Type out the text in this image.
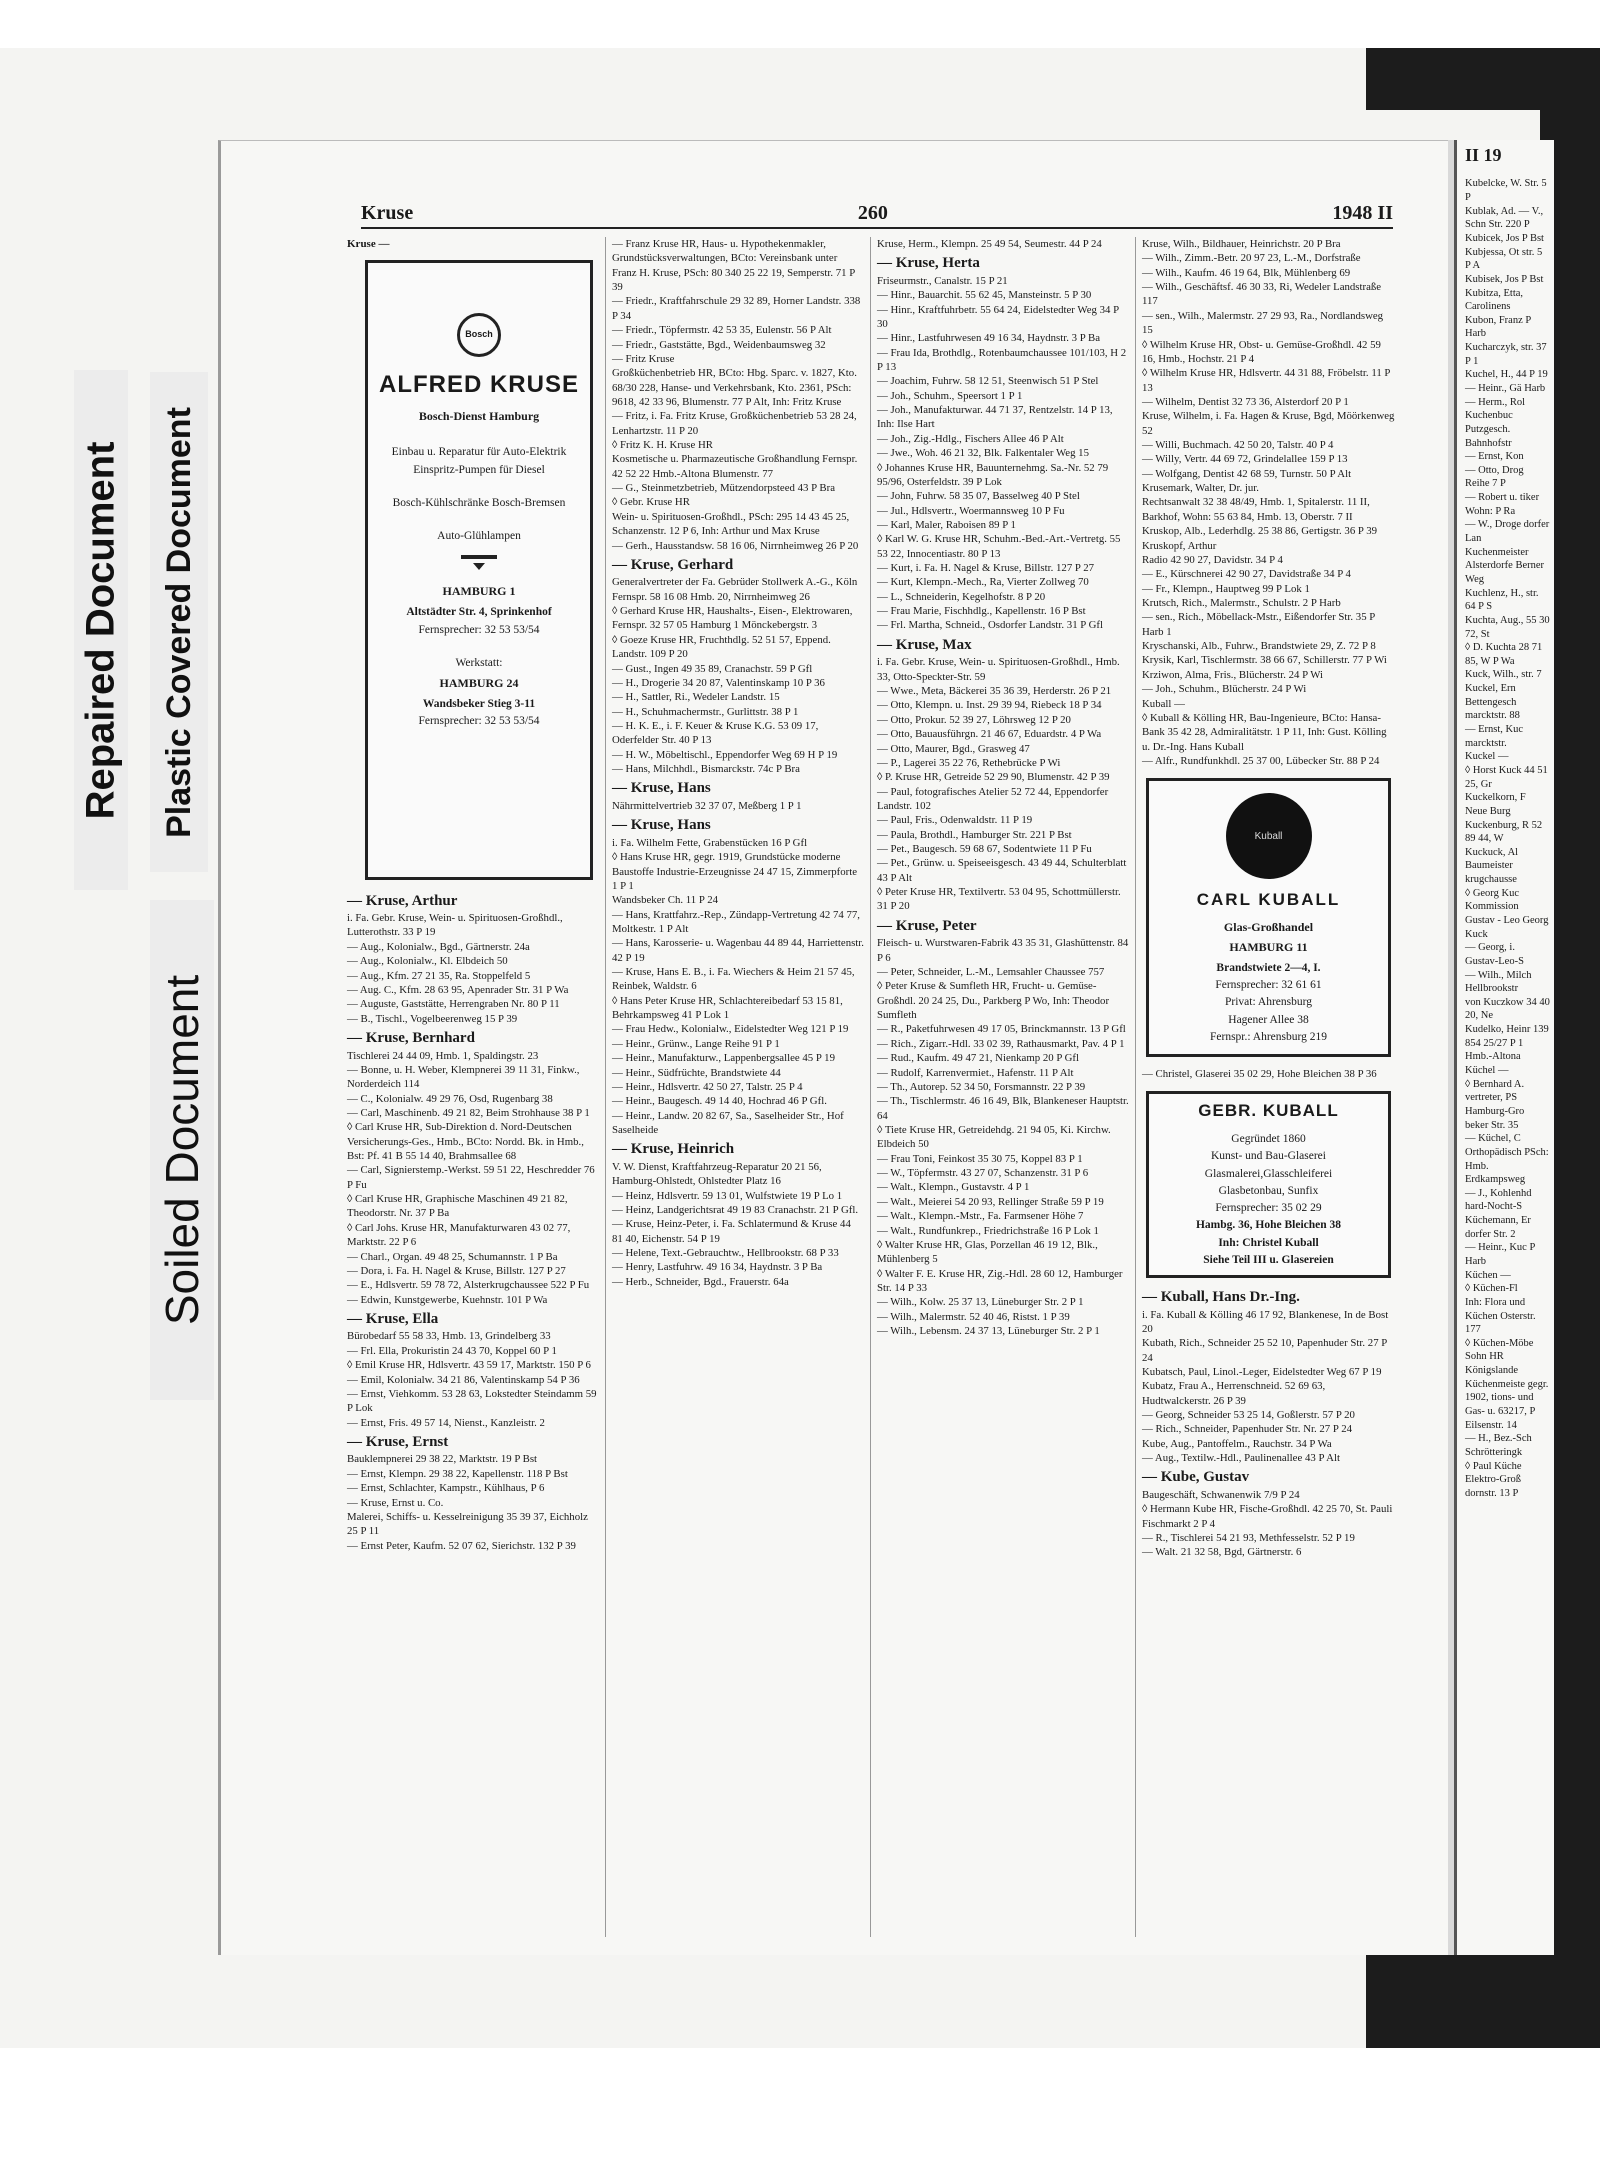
Repaired Document Plastic Covered Document
Soiled Document
Kruse	260	1948 II
Kruse —
Bosch
ALFRED KRUSE
Bosch-Dienst Hamburg
Einbau u. Reparatur für Auto-Elektrik Einspritz-Pumpen für Diesel
Bosch-Kühlschränke Bosch-Bremsen
Auto-Glühlampen
HAMBURG 1
Altstädter Str. 4, Sprinkenhof
Fernsprecher: 32 53 53/54
Werkstatt:
HAMBURG 24
Wandsbeker Stieg 3-11
Fernsprecher: 32 53 53/54
— Kruse, Arthur
i. Fa. Gebr. Kruse, Wein- u. Spirituosen-Großhdl., Lutterothstr. 33 P 19
— Aug., Kolonialw., Bgd., Gärtnerstr. 24a
— Aug., Kolonialw., Kl. Elbdeich 50
— Aug., Kfm. 27 21 35, Ra. Stoppelfeld 5
— Aug. C., Kfm. 28 63 95, Apenrader Str. 31 P Wa
— Auguste, Gaststätte, Herrengraben Nr. 80 P 11
— B., Tischl., Vogelbeerenweg 15 P 39
— Kruse, Bernhard
Tischlerei 24 44 09, Hmb. 1, Spaldingstr. 23
— Bonne, u. H. Weber, Klempnerei 39 11 31, Finkw., Norderdeich 114
— C., Kolonialw. 49 29 76, Osd, Rugenbarg 38
— Carl, Maschinenb. 49 21 82, Beim Strohhause 38 P 1
◊ Carl Kruse HR, Sub-Direktion d. Nord-Deutschen Versicherungs-Ges., Hmb., BCto: Nordd. Bk. in Hmb., Bst: Pf. 41 B 55 14 40, Brahmsallee 68
— Carl, Signierstemp.-Werkst. 59 51 22, Heschredder 76 P Fu
◊ Carl Kruse HR, Graphische Maschinen 49 21 82, Theodorstr. Nr. 37 P Ba
◊ Carl Johs. Kruse HR, Manufakturwaren 43 02 77, Marktstr. 22 P 6
— Charl., Organ. 49 48 25, Schumannstr. 1 P Ba
— Dora, i. Fa. H. Nagel & Kruse, Billstr. 127 P 27
— E., Hdlsvertr. 59 78 72, Alsterkrugchaussee 522 P Fu
— Edwin, Kunstgewerbe, Kuehnstr. 101 P Wa
— Kruse, Ella
Bürobedarf 55 58 33, Hmb. 13, Grindelberg 33
— Frl. Ella, Prokuristin 24 43 70, Koppel 60 P 1
◊ Emil Kruse HR, Hdlsvertr. 43 59 17, Marktstr. 150 P 6
— Emil, Kolonialw. 34 21 86, Valentinskamp 54 P 36
— Ernst, Viehkomm. 53 28 63, Lokstedter Steindamm 59 P Lok
— Ernst, Fris. 49 57 14, Nienst., Kanzleistr. 2
— Kruse, Ernst
Bauklempnerei 29 38 22, Marktstr. 19 P Bst
— Ernst, Klempn. 29 38 22, Kapellenstr. 118 P Bst
— Ernst, Schlachter, Kampstr., Kühlhaus, P 6
— Kruse, Ernst u. Co.
Malerei, Schiffs- u. Kesselreinigung 35 39 37, Eichholz 25 P 11
— Ernst Peter, Kaufm. 52 07 62, Sierichstr. 132 P 39
— Franz Kruse HR, Haus- u. Hypothekenmakler, Grundstücksverwaltungen, BCto: Vereinsbank unter Franz H. Kruse, PSch: 80 340 25 22 19, Semperstr. 71 P 39
— Friedr., Kraftfahrschule 29 32 89, Horner Landstr. 338 P 34
— Friedr., Töpfermstr. 42 53 35, Eulenstr. 56 P Alt
— Friedr., Gaststätte, Bgd., Weidenbaumsweg 32
— Fritz Kruse
Großküchenbetrieb HR, BCto: Hbg. Sparc. v. 1827, Kto. 68/30 228, Hanse- und Verkehrsbank, Kto. 2361, PSch: 9618, 42 33 96, Blumenstr. 77 P Alt, Inh: Fritz Kruse
— Fritz, i. Fa. Fritz Kruse, Großküchenbetrieb 53 28 24, Lenhartzstr. 11 P 20
◊ Fritz K. H. Kruse HR
Kosmetische u. Pharmazeutische Großhandlung Fernspr. 42 52 22 Hmb.-Altona Blumenstr. 77
— G., Steinmetzbetrieb, Mützendorpsteed 43 P Bra
◊ Gebr. Kruse HR
Wein- u. Spirituosen-Großhdl., PSch: 295 14 43 45 25, Schanzenstr. 12 P 6, Inh: Arthur und Max Kruse
— Gerh., Hausstandsw. 58 16 06, Nirrnheimweg 26 P 20
— Kruse, Gerhard
Generalvertreter der Fa. Gebrüder Stollwerk A.-G., Köln Fernspr. 58 16 08 Hmb. 20, Nirrnheimweg 26
◊ Gerhard Kruse HR, Haushalts-, Eisen-, Elektrowaren, Fernspr. 32 57 05 Hamburg 1 Mönckebergstr. 3
◊ Goeze Kruse HR, Fruchthdlg. 52 51 57, Eppend. Landstr. 109 P 20
— Gust., Ingen 49 35 89, Cranachstr. 59 P Gfl
— H., Drogerie 34 20 87, Valentinskamp 10 P 36
— H., Sattler, Ri., Wedeler Landstr. 15
— H., Schuhmachermstr., Gurlittstr. 38 P 1
— H. K. E., i. F. Keuer & Kruse K.G. 53 09 17, Oderfelder Str. 40 P 13
— H. W., Möbeltischl., Eppendorfer Weg 69 H P 19
— Hans, Milchhdl., Bismarckstr. 74c P Bra
— Kruse, Hans
Nährmittelvertrieb 32 37 07, Meßberg 1 P 1
— Kruse, Hans
i. Fa. Wilhelm Fette, Grabenstücken 16 P Gfl
◊ Hans Kruse HR, gegr. 1919, Grundstücke moderne Baustoffe Industrie-Erzeugnisse 24 47 15, Zimmerpforte 1 P 1
Wandsbeker Ch. 11 P 24
— Hans, Krattfahrz.-Rep., Zündapp-Vertretung 42 74 77, Moltkestr. 1 P Alt
— Hans, Karosserie- u. Wagenbau 44 89 44, Harriettenstr. 42 P 19
— Kruse, Hans E. B., i. Fa. Wiechers & Heim 21 57 45, Reinbek, Waldstr. 6
◊ Hans Peter Kruse HR, Schlachtereibedarf 53 15 81, Behrkampsweg 41 P Lok 1
— Frau Hedw., Kolonialw., Eidelstedter Weg 121 P 19
— Heinr., Grünw., Lange Reihe 91 P 1
— Heinr., Manufakturw., Lappenbergsallee 45 P 19
— Heinr., Südfrüchte, Brandstwiete 44
— Heinr., Hdlsvertr. 42 50 27, Talstr. 25 P 4
— Heinr., Baugesch. 49 14 40, Hochrad 46 P Gfl.
— Heinr., Landw. 20 82 67, Sa., Saselheider Str., Hof Saselheide
— Kruse, Heinrich
V. W. Dienst, Kraftfahrzeug-Reparatur 20 21 56, Hamburg-Ohlstedt, Ohlstedter Platz 16
— Heinz, Hdlsvertr. 59 13 01, Wulfstwiete 19 P Lo 1
— Heinz, Landgerichtsrat 49 19 83 Cranachstr. 21 P Gfl.
— Kruse, Heinz-Peter, i. Fa. Schlatermund & Kruse 44 81 40, Eichenstr. 54 P 19
— Helene, Text.-Gebrauchtw., Hellbrookstr. 68 P 33
— Henry, Lastfuhrw. 49 16 34, Haydnstr. 3 P Ba
— Herb., Schneider, Bgd., Frauerstr. 64a
Kruse, Herm., Klempn. 25 49 54, Seumestr. 44 P 24
— Kruse, Herta
Friseurmstr., Canalstr. 15 P 21
— Hinr., Bauarchit. 55 62 45, Mansteinstr. 5 P 30
— Hinr., Kraftfuhrbetr. 55 64 24, Eidelstedter Weg 34 P 30
— Hinr., Lastfuhrwesen 49 16 34, Haydnstr. 3 P Ba
— Frau Ida, Brothdlg., Rotenbaumchaussee 101/103, H 2 P 13
— Joachim, Fuhrw. 58 12 51, Steenwisch 51 P Stel
— Joh., Schuhm., Speersort 1 P 1
— Joh., Manufakturwar. 44 71 37, Rentzelstr. 14 P 13, Inh: Ilse Hart
— Joh., Zig.-Hdlg., Fischers Allee 46 P Alt
— Jwe., Woh. 46 21 32, Blk. Falkentaler Weg 15
◊ Johannes Kruse HR, Bauunternehmg. Sa.-Nr. 52 79 95/96, Osterfeldstr. 39 P Lok
— John, Fuhrw. 58 35 07, Basselweg 40 P Stel
— Jul., Hdlsvertr., Woermannsweg 10 P Fu
— Karl, Maler, Raboisen 89 P 1
◊ Karl W. G. Kruse HR, Schuhm.-Bed.-Art.-Vertretg. 55 53 22, Innocentiastr. 80 P 13
— Kurt, i. Fa. H. Nagel & Kruse, Billstr. 127 P 27
— Kurt, Klempn.-Mech., Ra, Vierter Zollweg 70
— L., Schneiderin, Kegelhofstr. 8 P 20
— Frau Marie, Fischhdlg., Kapellenstr. 16 P Bst
— Frl. Martha, Schneid., Osdorfer Landstr. 31 P Gfl
— Kruse, Max
i. Fa. Gebr. Kruse, Wein- u. Spirituosen-Großhdl., Hmb. 33, Otto-Speckter-Str. 59
— Wwe., Meta, Bäckerei 35 36 39, Herderstr. 26 P 21
— Otto, Klempn. u. Inst. 29 39 94, Riebeck 18 P 34
— Otto, Prokur. 52 39 27, Löhrsweg 12 P 20
— Otto, Bauausführgn. 21 46 67, Eduardstr. 4 P Wa
— Otto, Maurer, Bgd., Grasweg 47
— P., Lagerei 35 22 76, Rethebrücke P Wi
◊ P. Kruse HR, Getreide 52 29 90, Blumenstr. 42 P 39
— Paul, fotografisches Atelier 52 72 44, Eppendorfer Landstr. 102
— Paul, Fris., Odenwaldstr. 11 P 19
— Paula, Brothdl., Hamburger Str. 221 P Bst
— Pet., Baugesch. 59 68 67, Sodentwiete 11 P Fu
— Pet., Grünw. u. Speiseeisgesch. 43 49 44, Schulterblatt 43 P Alt
◊ Peter Kruse HR, Textilvertr. 53 04 95, Schottmüllerstr. 31 P 20
— Kruse, Peter
Fleisch- u. Wurstwaren-Fabrik 43 35 31, Glashüttenstr. 84 P 6
— Peter, Schneider, L.-M., Lemsahler Chaussee 757
◊ Peter Kruse & Sumfleth HR, Frucht- u. Gemüse-Großhdl. 20 24 25, Du., Parkberg P Wo, Inh: Theodor Sumfleth
— R., Paketfuhrwesen 49 17 05, Brinckmannstr. 13 P Gfl
— Rich., Zigarr.-Hdl. 33 02 39, Rathausmarkt, Pav. 4 P 1
— Rud., Kaufm. 49 47 21, Nienkamp 20 P Gfl
— Rudolf, Karrenvermiet., Hafenstr. 11 P Alt
— Th., Autorep. 52 34 50, Forsmannstr. 22 P 39
— Th., Tischlermstr. 46 16 49, Blk, Blankeneser Hauptstr. 64
◊ Tiete Kruse HR, Getreidehdg. 21 94 05, Ki. Kirchw. Elbdeich 50
— Frau Toni, Feinkost 35 30 75, Koppel 83 P 1
— W., Töpfermstr. 43 27 07, Schanzenstr. 31 P 6
— Walt., Klempn., Gustavstr. 4 P 1
— Walt., Meierei 54 20 93, Rellinger Straße 59 P 19
— Walt., Klempn.-Mstr., Fa. Farmsener Höhe 7
— Walt., Rundfunkrep., Friedrichstraße 16 P Lok 1
◊ Walter Kruse HR, Glas, Porzellan 46 19 12, Blk., Mühlenberg 5
◊ Walter F. E. Kruse HR, Zig.-Hdl. 28 60 12, Hamburger Str. 14 P 33
— Wilh., Kolw. 25 37 13, Lüneburger Str. 2 P 1
— Wilh., Malermstr. 52 40 46, Ristst. 1 P 39
— Wilh., Lebensm. 24 37 13, Lüneburger Str. 2 P 1
Kruse, Wilh., Bildhauer, Heinrichstr. 20 P Bra
— Wilh., Zimm.-Betr. 20 97 23, L.-M., Dorfstraße
— Wilh., Kaufm. 46 19 64, Blk, Mühlenberg 69
— Wilh., Geschäftsf. 46 30 33, Ri, Wedeler Landstraße 117
— sen., Wilh., Malermstr. 27 29 93, Ra., Nordlandsweg 15
◊ Wilhelm Kruse HR, Obst- u. Gemüse-Großhdl. 42 59 16, Hmb., Hochstr. 21 P 4
◊ Wilhelm Kruse HR, Hdlsvertr. 44 31 88, Fröbelstr. 11 P 13
— Wilhelm, Dentist 32 73 36, Alsterdorf 20 P 1
Kruse, Wilhelm, i. Fa. Hagen & Kruse, Bgd, Möörkenweg 52
— Willi, Buchmach. 42 50 20, Talstr. 40 P 4
— Willy, Vertr. 44 69 72, Grindelallee 159 P 13
— Wolfgang, Dentist 42 68 59, Turnstr. 50 P Alt
Krusemark, Walter, Dr. jur.
Rechtsanwalt 32 38 48/49, Hmb. 1, Spitalerstr. 11 II, Barkhof, Wohn: 55 63 84, Hmb. 13, Oberstr. 7 II
Kruskop, Alb., Lederhdlg. 25 38 86, Gertigstr. 36 P 39
Kruskopf, Arthur
Radio 42 90 27, Davidstr. 34 P 4
— E., Kürschnerei 42 90 27, Davidstraße 34 P 4
— Fr., Klempn., Hauptweg 99 P Lok 1
Krutsch, Rich., Malermstr., Schulstr. 2 P Harb
— sen., Rich., Möbellack-Mstr., Eißendorfer Str. 35 P Harb 1
Kryschanski, Alb., Fuhrw., Brandstwiete 29, Z. 72 P 8
Krysik, Karl, Tischlermstr. 38 66 67, Schillerstr. 77 P Wi
Krziwon, Alma, Fris., Blücherstr. 24 P Wi
— Joh., Schuhm., Blücherstr. 24 P Wi
Kuball —
◊ Kuball & Kölling HR, Bau-Ingenieure, BCto: Hansa-Bank 35 42 28, Admiralitätstr. 1 P 11, Inh: Gust. Kölling u. Dr.-Ing. Hans Kuball
— Alfr., Rundfunkhdl. 25 37 00, Lübecker Str. 88 P 24
Kuball
CARL KUBALL
Glas-Großhandel
HAMBURG 11
Brandstwiete 2—4, I.
Fernsprecher: 32 61 61
Privat: Ahrensburg
Hagener Allee 38
Fernspr.: Ahrensburg 219
— Christel, Glaserei 35 02 29, Hohe Bleichen 38 P 36
GEBR. KUBALL
Gegründet 1860
Kunst- und Bau-Glaserei
Glasmalerei,Glasschleiferei
Glasbetonbau, Sunfix
Fernsprecher: 35 02 29
Hambg. 36, Hohe Bleichen 38
Inh: Christel Kuball
Siehe Teil III u. Glasereien
— Kuball, Hans Dr.-Ing.
i. Fa. Kuball & Kölling 46 17 92, Blankenese, In de Bost 20
Kubath, Rich., Schneider 25 52 10, Papenhuder Str. 27 P 24
Kubatsch, Paul, Linol.-Leger, Eidelstedter Weg 67 P 19
Kubatz, Frau A., Herrenschneid. 52 69 63, Hudtwalckerstr. 26 P 39
— Georg, Schneider 53 25 14, Goßlerstr. 57 P 20
— Rich., Schneider, Papenhuder Str. Nr. 27 P 24
Kube, Aug., Pantoffelm., Rauchstr. 34 P Wa
— Aug., Textilw.-Hdl., Paulinenallee 43 P Alt
— Kube, Gustav
Baugeschäft, Schwanenwik 7/9 P 24
◊ Hermann Kube HR, Fische-Großhdl. 42 25 70, St. Pauli Fischmarkt 2 P 4
— R., Tischlerei 54 21 93, Methfesselstr. 52 P 19
— Walt. 21 32 58, Bgd, Gärtnerstr. 6
II 19
Kubelcke, W. Str. 5 P
Kublak, Ad. — V., Schn Str. 220 P
Kubicek, Jos P Bst
Kubjessa, Ot str. 5 P A
Kubisek, Jos P Bst
Kubitza, Etta, Carolinens
Kubon, Franz P Harb
Kucharczyk, str. 37 P 1
Kuchel, H., 44 P 19
— Heinr., Gä Harb
— Herm., Rol
Kuchenbuc
Putzgesch. Bahnhofstr
— Ernst, Kon
— Otto, Drog Reihe 7 P
— Robert u. tiker Wohn: P Ra
— W., Droge dorfer Lan
Kuchenmeister Alsterdorfe Berner Weg
Kuchlenz, H., str. 64 P S
Kuchta, Aug., 55 30 72, St
◊ D. Kuchta 28 71 85, W P Wa
Kuck, Wilh., str. 7
Kuckel, Ern
Bettengesch marcktstr. 88
— Ernst, Kuc marcktstr.
Kuckel —
◊ Horst Kuck 44 51 25, Gr
Kuckelkorn, F Neue Burg
Kuckenburg, R 52 89 44, W
Kuckuck, Al
Baumeister krugchausse
◊ Georg Kuc
Kommission Gustav - Leo Georg Kuck
— Georg, i. Gustav-Leo-S
— Wilh., Milch Hellbrookstr
von Kuczkow 34 40 20, Ne
Kudelko, Heinr 139 854 25/27 P 1 Hmb.-Altona
Küchel —
◊ Bernhard A. vertreter, PS Hamburg-Gro beker Str. 35
— Küchel, C
Orthopädisch PSch: Hmb. Erdkampsweg
— J., Kohlenhd hard-Nocht-S
Küchemann, Er dorfer Str. 2
— Heinr., Kuc P Harb
Küchen —
◊ Küchen-Fl
Inh: Flora und Küchen Osterstr. 177
◊ Küchen-Möbe Sohn HR Königslande
Küchenmeiste gegr. 1902, tions- und Gas- u. 63217, P Eilsenstr. 14
— H., Bez.-Sch Schrötteringk
◊ Paul Küche Elektro-Groß dornstr. 13 P
